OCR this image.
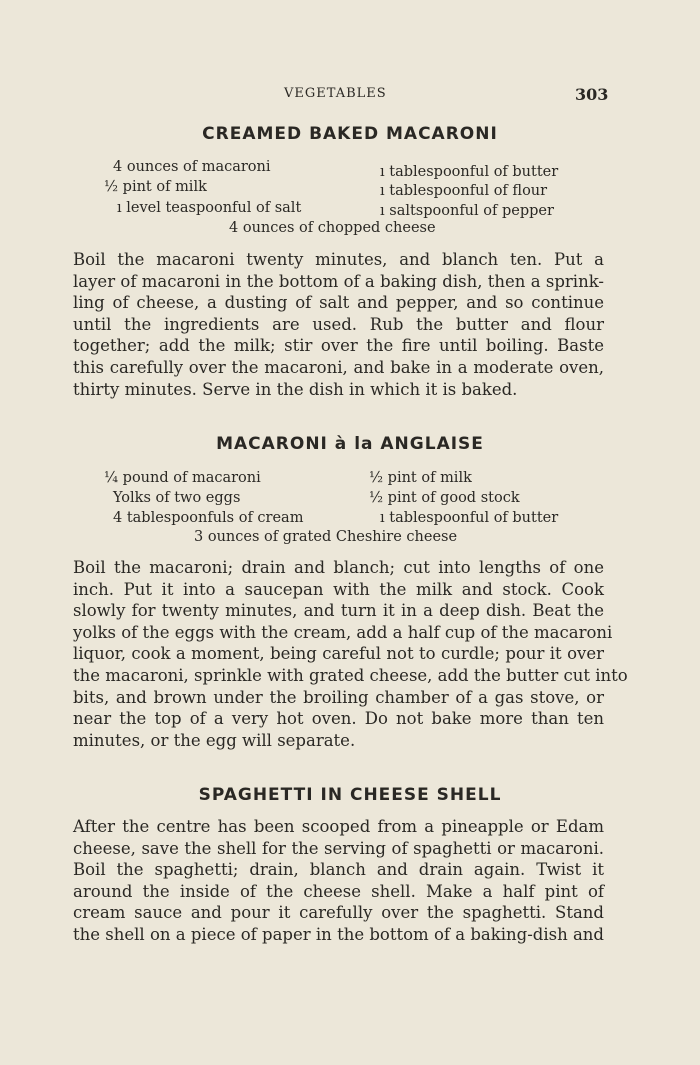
VEGETABLES	303
CREAMED BAKED MACARONI
4 ounces of macaroni
½ pint of milk
ı level teaspoonful of salt
ı tablespoonful of butter
ı tablespoonful of flour
ı saltspoonful of pepper
4 ounces of chopped cheese
Boil the macaroni twenty minutes, and blanch ten. Put a
layer of macaroni in the bottom of a baking dish, then a sprink-
ling of cheese, a dusting of salt and pepper, and so continue
until the ingredients are used. Rub the butter and flour
together; add the milk; stir over the fire until boiling. Baste
this carefully over the macaroni, and bake in a moderate oven,
thirty minutes. Serve in the dish in which it is baked.
MACARONI à la ANGLAISE
¼ pound of macaroni
Yolks of two eggs
4 tablespoonfuls of cream
½ pint of milk
½ pint of good stock
ı tablespoonful of butter
3 ounces of grated Cheshire cheese
Boil the macaroni; drain and blanch; cut into lengths of one
inch. Put it into a saucepan with the milk and stock. Cook
slowly for twenty minutes, and turn it in a deep dish. Beat the
yolks of the eggs with the cream, add a half cup of the macaroni
liquor, cook a moment, being careful not to curdle; pour it over
the macaroni, sprinkle with grated cheese, add the butter cut into
bits, and brown under the broiling chamber of a gas stove, or
near the top of a very hot oven. Do not bake more than ten
minutes, or the egg will separate.
SPAGHETTI IN CHEESE SHELL
After the centre has been scooped from a pineapple or Edam
cheese, save the shell for the serving of spaghetti or macaroni.
Boil the spaghetti; drain, blanch and drain again. Twist it
around the inside of the cheese shell. Make a half pint of
cream sauce and pour it carefully over the spaghetti. Stand
the shell on a piece of paper in the bottom of a baking-dish and
